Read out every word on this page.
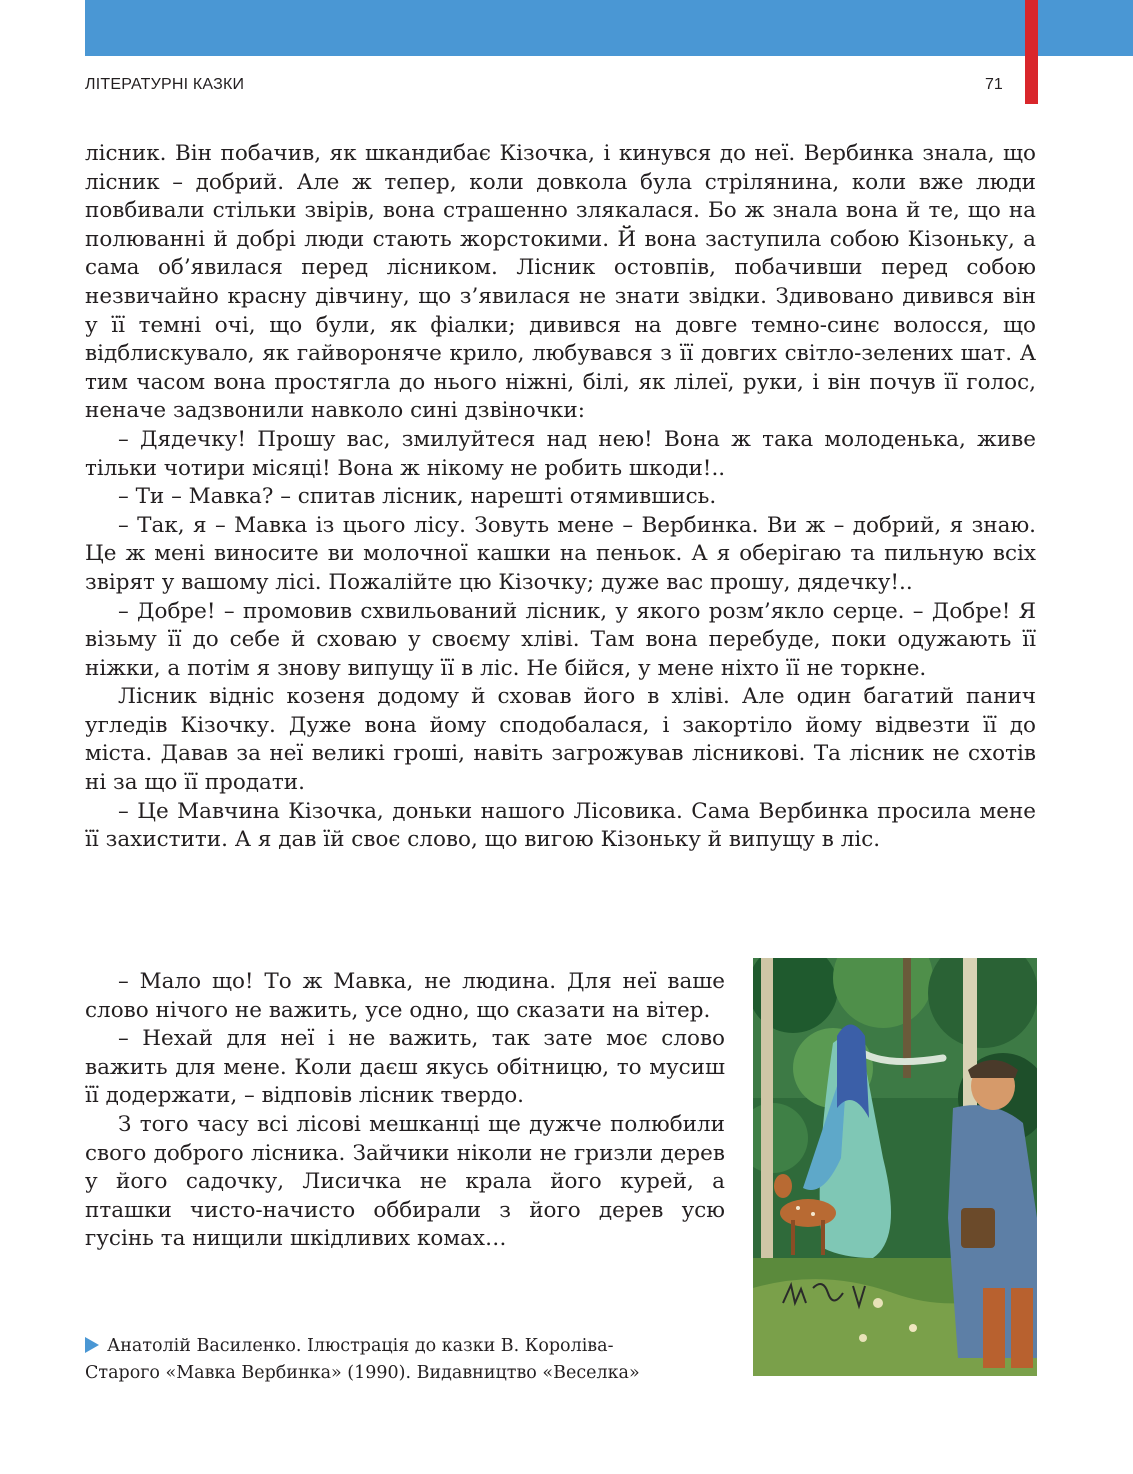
ЛІТЕРАТУРНІ КАЗКИ	71

лісник. Він побачив, як шкандибає Кізочка, і кинувся до неї. Вербинка знала, що лісник – добрий. Але ж тепер, коли довкола була стрілянина, коли вже люди повбивали стільки звірів, вона страшенно злякалася. Бо ж знала вона й те, що на полюванні й добрі люди стають жорстокими. Й вона заступила собою Кізоньку, а сама об’явилася перед лісником. Лісник остовпів, побачивши перед собою незвичайно красну дівчину, що з’явилася не знати звідки. Здивовано дивився він у її темні очі, що були, як фіалки; дивився на довге темно-синє волосся, що відблискувало, як гайвороняче крило, любувався з її довгих світло-зелених шат. А тим часом вона простягла до нього ніжні, білі, як лілеї, руки, і він почув її голос, неначе задзвонили навколо сині дзвіночки:

– Дядечку! Прошу вас, змилуйтеся над нею! Вона ж така молоденька, живе тільки чотири місяці! Вона ж нікому не робить шкоди!..

– Ти – Мавка? – спитав лісник, нарешті отямившись.

– Так, я – Мавка із цього лісу. Зовуть мене – Вербинка. Ви ж – добрий, я знаю. Це ж мені виносите ви молочної кашки на пеньок. А я оберігаю та пильную всіх звірят у вашому лісі. Пожалійте цю Кізочку; дуже вас прошу, дядечку!..

– Добре! – промовив схвильований лісник, у якого розм’якло серце. – Добре! Я візьму її до себе й сховаю у своєму хліві. Там вона перебуде, поки одужають її ніжки, а потім я знову випущу її в ліс. Не бійся, у мене ніхто її не торкне.

Лісник відніс козеня додому й сховав його в хліві. Але один багатий панич угледів Кізочку. Дуже вона йому сподобалася, і закортіло йому відвезти її до міста. Давав за неї великі гроші, навіть загрожував лісникові. Та лісник не схотів ні за що її продати.

– Це Мавчина Кізочка, доньки нашого Лісовика. Сама Вербинка просила мене її захистити. А я дав їй своє слово, що вигою Кізоньку й випущу в ліс.

– Мало що! То ж Мавка, не людина. Для неї ваше слово нічого не важить, усе одно, що сказати на вітер.

– Нехай для неї і не важить, так зате моє слово важить для мене. Коли даєш якусь обітницю, то мусиш її додержати, – відповів лісник твердо.

З того часу всі лісові мешканці ще дужче полюбили свого доброго лісника. Зайчики ніколи не гризли дерев у його садочку, Лисичка не крала його курей, а пташки чисто-начисто оббирали з його дерев усю гусінь та нищили шкідливих комах…

Анатолій Василенко. Ілюстрація до казки В. Короліва-
Старого «Мавка Вербинка» (1990). Видавництво «Веселка»
